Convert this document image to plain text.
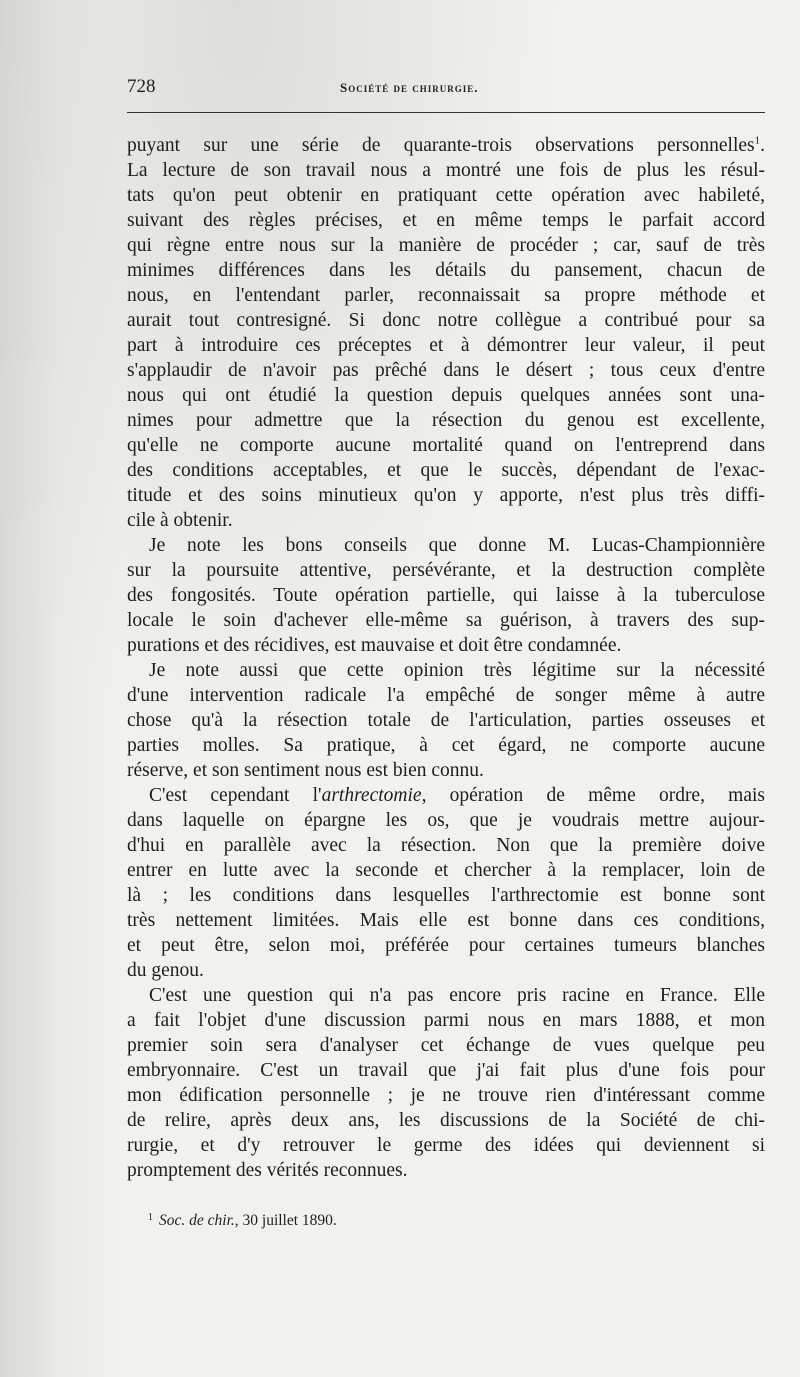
728	Société de chirurgie.
puyant sur une série de quarante-trois observations personnelles$^1$.
La lecture de son travail nous a montré une fois de plus les résul-
tats qu'on peut obtenir en pratiquant cette opération avec habileté,
suivant des règles précises, et en même temps le parfait accord
qui règne entre nous sur la manière de procéder ; car, sauf de très
minimes différences dans les détails du pansement, chacun de
nous, en l'entendant parler, reconnaissait sa propre méthode et
aurait tout contresigné. Si donc notre collègue a contribué pour sa
part à introduire ces préceptes et à démontrer leur valeur, il peut
s'applaudir de n'avoir pas prêché dans le désert ; tous ceux d'entre
nous qui ont étudié la question depuis quelques années sont una-
nimes pour admettre que la résection du genou est excellente,
qu'elle ne comporte aucune mortalité quand on l'entreprend dans
des conditions acceptables, et que le succès, dépendant de l'exac-
titude et des soins minutieux qu'on y apporte, n'est plus très diffi-
cile à obtenir.
Je note les bons conseils que donne M. Lucas-Championnière
sur la poursuite attentive, persévérante, et la destruction complète
des fongosités. Toute opération partielle, qui laisse à la tuberculose
locale le soin d'achever elle-même sa guérison, à travers des sup-
purations et des récidives, est mauvaise et doit être condamnée.
Je note aussi que cette opinion très légitime sur la nécessité
d'une intervention radicale l'a empêché de songer même à autre
chose qu'à la résection totale de l'articulation, parties osseuses et
parties molles. Sa pratique, à cet égard, ne comporte aucune
réserve, et son sentiment nous est bien connu.
C'est cependant l'arthrectomie, opération de même ordre, mais
dans laquelle on épargne les os, que je voudrais mettre aujour-
d'hui en parallèle avec la résection. Non que la première doive
entrer en lutte avec la seconde et chercher à la remplacer, loin de
là ; les conditions dans lesquelles l'arthrectomie est bonne sont
très nettement limitées. Mais elle est bonne dans ces conditions,
et peut être, selon moi, préférée pour certaines tumeurs blanches
du genou.
C'est une question qui n'a pas encore pris racine en France. Elle
a fait l'objet d'une discussion parmi nous en mars 1888, et mon
premier soin sera d'analyser cet échange de vues quelque peu
embryonnaire. C'est un travail que j'ai fait plus d'une fois pour
mon édification personnelle ; je ne trouve rien d'intéressant comme
de relire, après deux ans, les discussions de la Société de chi-
rurgie, et d'y retrouver le germe des idées qui deviennent si
promptement des vérités reconnues.
$^1$ Soc. de chir., 30 juillet 1890.
